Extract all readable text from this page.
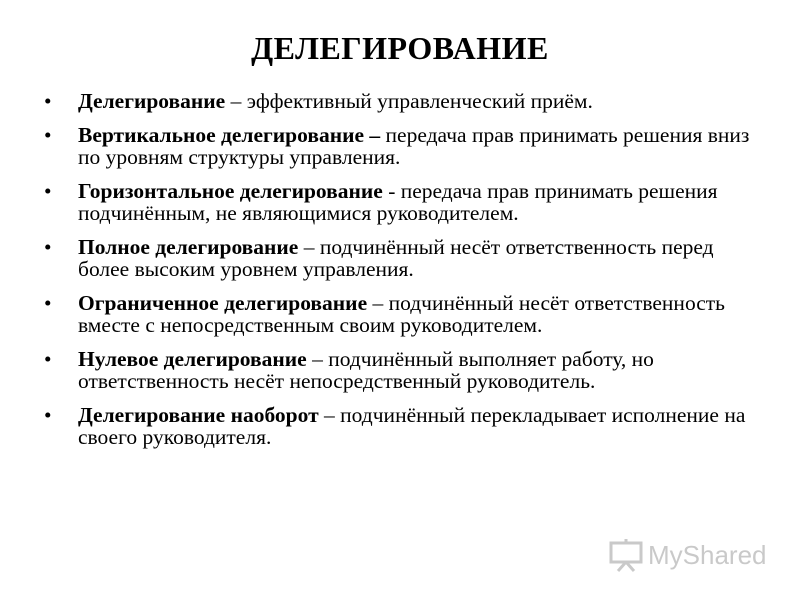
ДЕЛЕГИРОВАНИЕ
• Делегирование – эффективный управленческий приём.
• Вертикальное делегирование – передача прав принимать решения вниз по уровням структуры управления.
• Горизонтальное делегирование - передача прав принимать решения подчинённым, не являющимися руководителем.
• Полное делегирование – подчинённый несёт ответственность перед более высоким уровнем управления.
• Ограниченное делегирование – подчинённый несёт ответственность вместе с непосредственным своим руководителем.
• Нулевое делегирование – подчинённый выполняет работу, но ответственность несёт непосредственный руководитель.
• Делегирование наоборот – подчинённый перекладывает исполнение на своего руководителя.
MyShared
